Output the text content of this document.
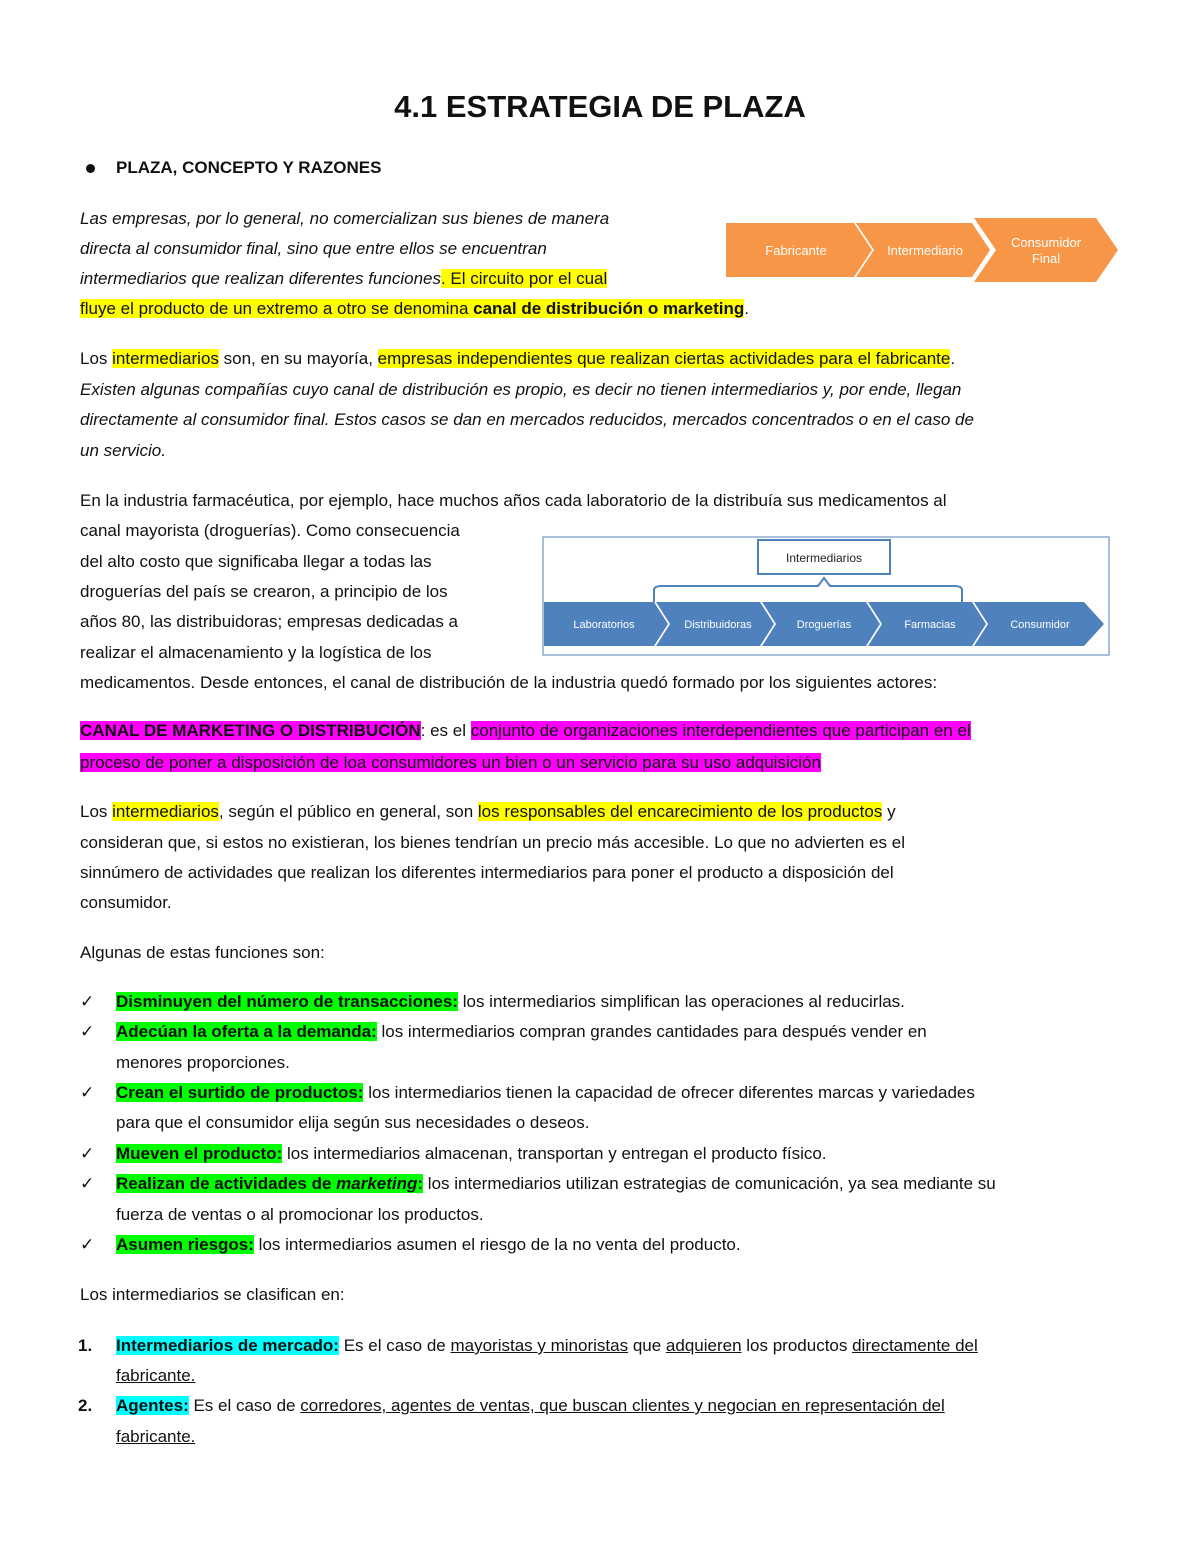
4.1 ESTRATEGIA DE PLAZA
PLAZA, CONCEPTO Y RAZONES
Fabricante	Intermediario
Consumidor
Final
Intermediarios
Laboratorios	Distribuidoras	Droguerías	Farmacias	Consumidor
Las empresas, por lo general, no comercializan sus bienes de manera
directa al consumidor final, sino que entre ellos se encuentran
intermediarios que realizan diferentes funciones. El circuito por el cual
fluye el producto de un extremo a otro se denomina canal de distribución o marketing.
Los intermediarios son, en su mayoría, empresas independientes que realizan ciertas actividades para el fabricante.
Existen algunas compañías cuyo canal de distribución es propio, es decir no tienen intermediarios y, por ende, llegan
directamente al consumidor final. Estos casos se dan en mercados reducidos, mercados concentrados o en el caso de
un servicio.
En la industria farmacéutica, por ejemplo, hace muchos años cada laboratorio de la distribuía sus medicamentos al
canal mayorista (droguerías). Como consecuencia
del alto costo que significaba llegar a todas las
droguerías del país se crearon, a principio de los
años 80, las distribuidoras; empresas dedicadas a
realizar el almacenamiento y la logística de los
medicamentos. Desde entonces, el canal de distribución de la industria quedó formado por los siguientes actores:
CANAL DE MARKETING O DISTRIBUCIÓN: es el conjunto de organizaciones interdependientes que participan en el
proceso de poner a disposición de loa consumidores un bien o un servicio para su uso adquisición
Los intermediarios, según el público en general, son los responsables del encarecimiento de los productos y
consideran que, si estos no existieran, los bienes tendrían un precio más accesible. Lo que no advierten es el
sinnúmero de actividades que realizan los diferentes intermediarios para poner el producto a disposición del
consumidor.
Algunas de estas funciones son:
✓ Disminuyen del número de transacciones: los intermediarios simplifican las operaciones al reducirlas.
✓ Adecúan la oferta a la demanda: los intermediarios compran grandes cantidades para después vender en
menores proporciones.
✓ Crean el surtido de productos: los intermediarios tienen la capacidad de ofrecer diferentes marcas y variedades
para que el consumidor elija según sus necesidades o deseos.
✓ Mueven el producto: los intermediarios almacenan, transportan y entregan el producto físico.
✓ Realizan de actividades de marketing: los intermediarios utilizan estrategias de comunicación, ya sea mediante su
fuerza de ventas o al promocionar los productos.
✓ Asumen riesgos: los intermediarios asumen el riesgo de la no venta del producto.
Los intermediarios se clasifican en:
1. Intermediarios de mercado: Es el caso de mayoristas y minoristas que adquieren los productos directamente del
fabricante.
2. Agentes: Es el caso de corredores, agentes de ventas, que buscan clientes y negocian en representación del
fabricante.
